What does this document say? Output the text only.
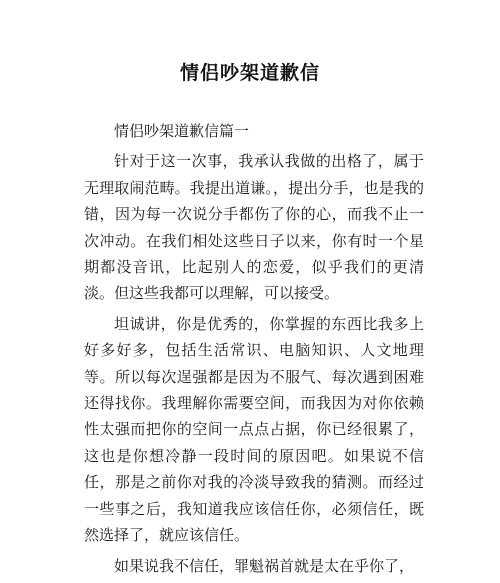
情侣吵架道歉信

情侣吵架道歉信篇一

针对于这一次事，我承认我做的出格了，属于无理取闹范畴。我提出道谦。，提出分手，也是我的错，因为每一次说分手都伤了你的心，而我不止一次冲动。在我们相处这些日子以来，你有时一个星期都没音讯，比起别人的恋爱，似乎我们的更清淡。但这些我都可以理解，可以接受。

坦诚讲，你是优秀的，你掌握的东西比我多上好多好多，包括生活常识、电脑知识、人文地理等。所以每次逞强都是因为不服气、每次遇到困难还得找你。我理解你需要空间，而我因为对你依赖性太强而把你的空间一点点占据，你已经很累了，这也是你想冷静一段时间的原因吧。如果说不信任，那是之前你对我的冷淡导致我的猜测。而经过一些事之后，我知道我应该信任你，必须信任，既然选择了，就应该信任。

如果说我不信任，罪魁祸首就是太在乎你了，
